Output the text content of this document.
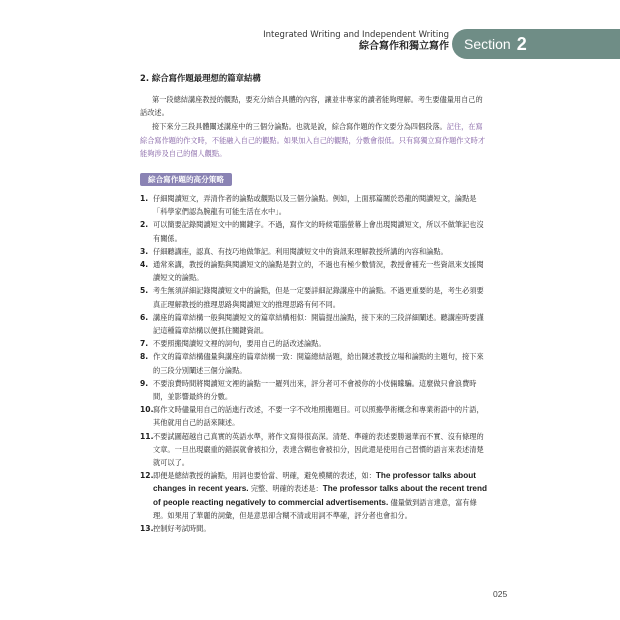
Integrated Writing and Independent Writing
綜合寫作和獨立寫作 Section 2
2. 綜合寫作題最理想的篇章結構

第一段總結講座教授的觀點，要充分結合具體的內容，讓並非專家的讀者能夠理解。考生要儘量用自己的話改述。

接下來分三段具體闡述講座中的三個分論點。也就是說，綜合寫作題的作文要分為四個段落。記住，在寫綜合寫作題的作文時，不能融入自己的觀點。如果加入自己的觀點，分數會很低。只有寫獨立寫作題作文時才能夠涉及自己的個人觀點。

綜合寫作題的高分策略
1. 仔細閱讀短文，弄清作者的論點或觀點以及三個分論點。例如，上面那篇關於恐龍的閱讀短文，論點是「科學家們認為腕龍有可能生活在水中」。
2. 可以簡要記錄閱讀短文中的關鍵字。不過，寫作文的時候電腦螢幕上會出現閱讀短文，所以不做筆記也沒有關係。
3. 仔細聽講座，認真、有技巧地做筆記。利用閱讀短文中的資訊來理解教授所講的內容和論點。
4. 通常來講，教授的論點與閱讀短文的論點是對立的，不過也有極少數情況，教授會補充一些資訊來支援閱讀短文的論點。
5. 考生無須詳細記錄閱讀短文中的論點，但是一定要詳細記錄講座中的論點。不過更重要的是，考生必須要真正理解教授的推理思路與閱讀短文的推理思路有何不同。
6. 講座的篇章結構一般與閱讀短文的篇章結構相似：開篇提出論點，接下來的三段詳細闡述。聽講座時要謹記這種篇章結構以便抓住關鍵資訊。
7. 不要照搬閱讀短文裡的詞句，要用自己的話改述論點。
8. 作文的篇章結構儘量與講座的篇章結構一致：開篇總結話題，給出陳述教授立場和論點的主題句，接下來的三段分別闡述三個分論點。
9. 不要浪費時間將閱讀短文裡的論點一一羅列出來，評分者可不會被你的小伎倆矇騙。這麼做只會浪費時間，並影響最終的分數。
10. 寫作文時儘量用自己的話進行改述，不要一字不改地照搬題目。可以照搬學術概念和專業術語中的片語，其他就用自己的話來陳述。
11. 不要試圖超越自己真實的英語水準，將作文寫得很高深。清楚、準確的表述要勝過華而不實、沒有條理的文章。一旦出現嚴重的錯誤就會被扣分，表達含糊也會被扣分，因此還是使用自己習慣的語言來表述清楚就可以了。
12. 即便是總結教授的論點，用詞也要恰當、明確，避免模糊的表述，如：The professor talks about changes in recent years. 完整、明確的表述是：The professor talks about the recent trend of people reacting negatively to commercial advertisements. 儘量做到語言達意，富有條理。如果用了華麗的詞彙，但是意思卻含糊不清或用詞不準確，評分者也會扣分。
13. 控制好考試時間。
025
